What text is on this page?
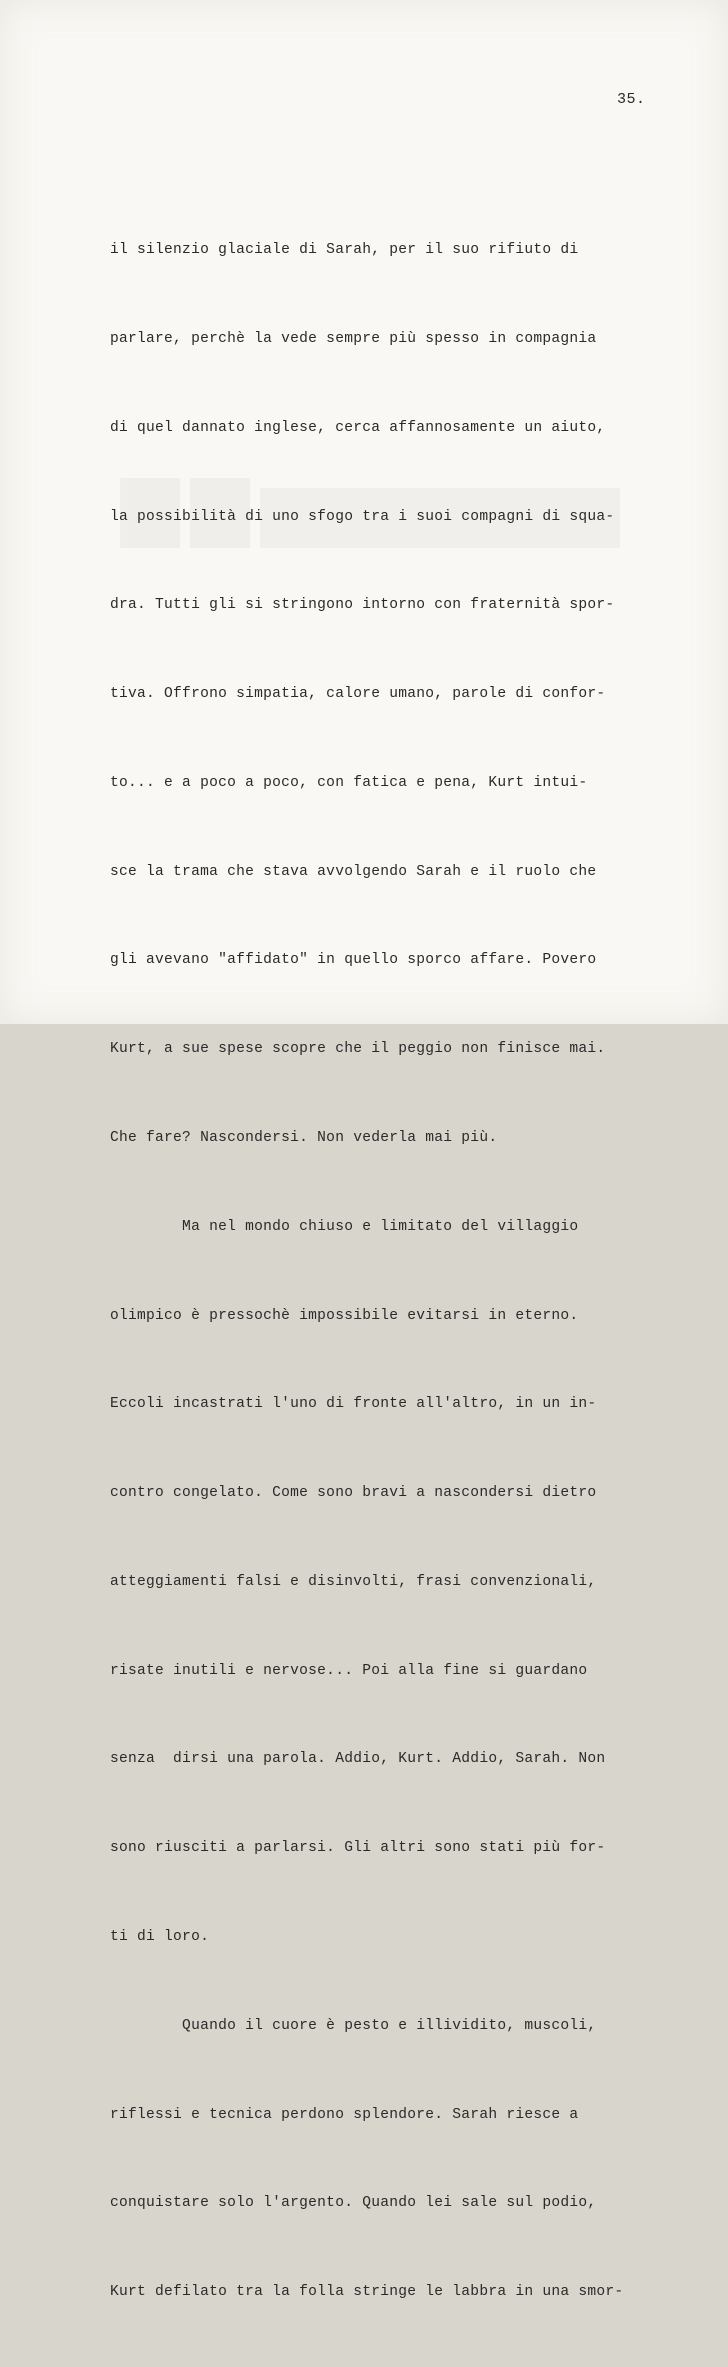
35.

il silenzio glaciale di Sarah, per il suo rifiuto di

parlare, perchè la vede sempre più spesso in compagnia

di quel dannato inglese, cerca affannosamente un aiuto,

la possibilità di uno sfogo tra i suoi compagni di squa-

dra. Tutti gli si stringono intorno con fraternità spor-

tiva. Offrono simpatia, calore umano, parole di confor-

to... e a poco a poco, con fatica e pena, Kurt intui-

sce la trama che stava avvolgendo Sarah e il ruolo che

gli avevano "affidato" in quello sporco affare. Povero

Kurt, a sue spese scopre che il peggio non finisce mai.

Che fare? Nascondersi. Non vederla mai più.

Ma nel mondo chiuso e limitato del villaggio

olimpico è pressochè impossibile evitarsi in eterno.

Eccoli incastrati l'uno di fronte all'altro, in un in-

contro congelato. Come sono bravi a nascondersi dietro

atteggiamenti falsi e disinvolti, frasi convenzionali,

risate inutili e nervose... Poi alla fine si guardano

senza  dirsi una parola. Addio, Kurt. Addio, Sarah. Non

sono riusciti a parlarsi. Gli altri sono stati più for-

ti di loro.

Quando il cuore è pesto e illividito, muscoli,

riflessi e tecnica perdono splendore. Sarah riesce a

conquistare solo l'argento. Quando lei sale sul podio,

Kurt defilato tra la folla stringe le labbra in una smor-
